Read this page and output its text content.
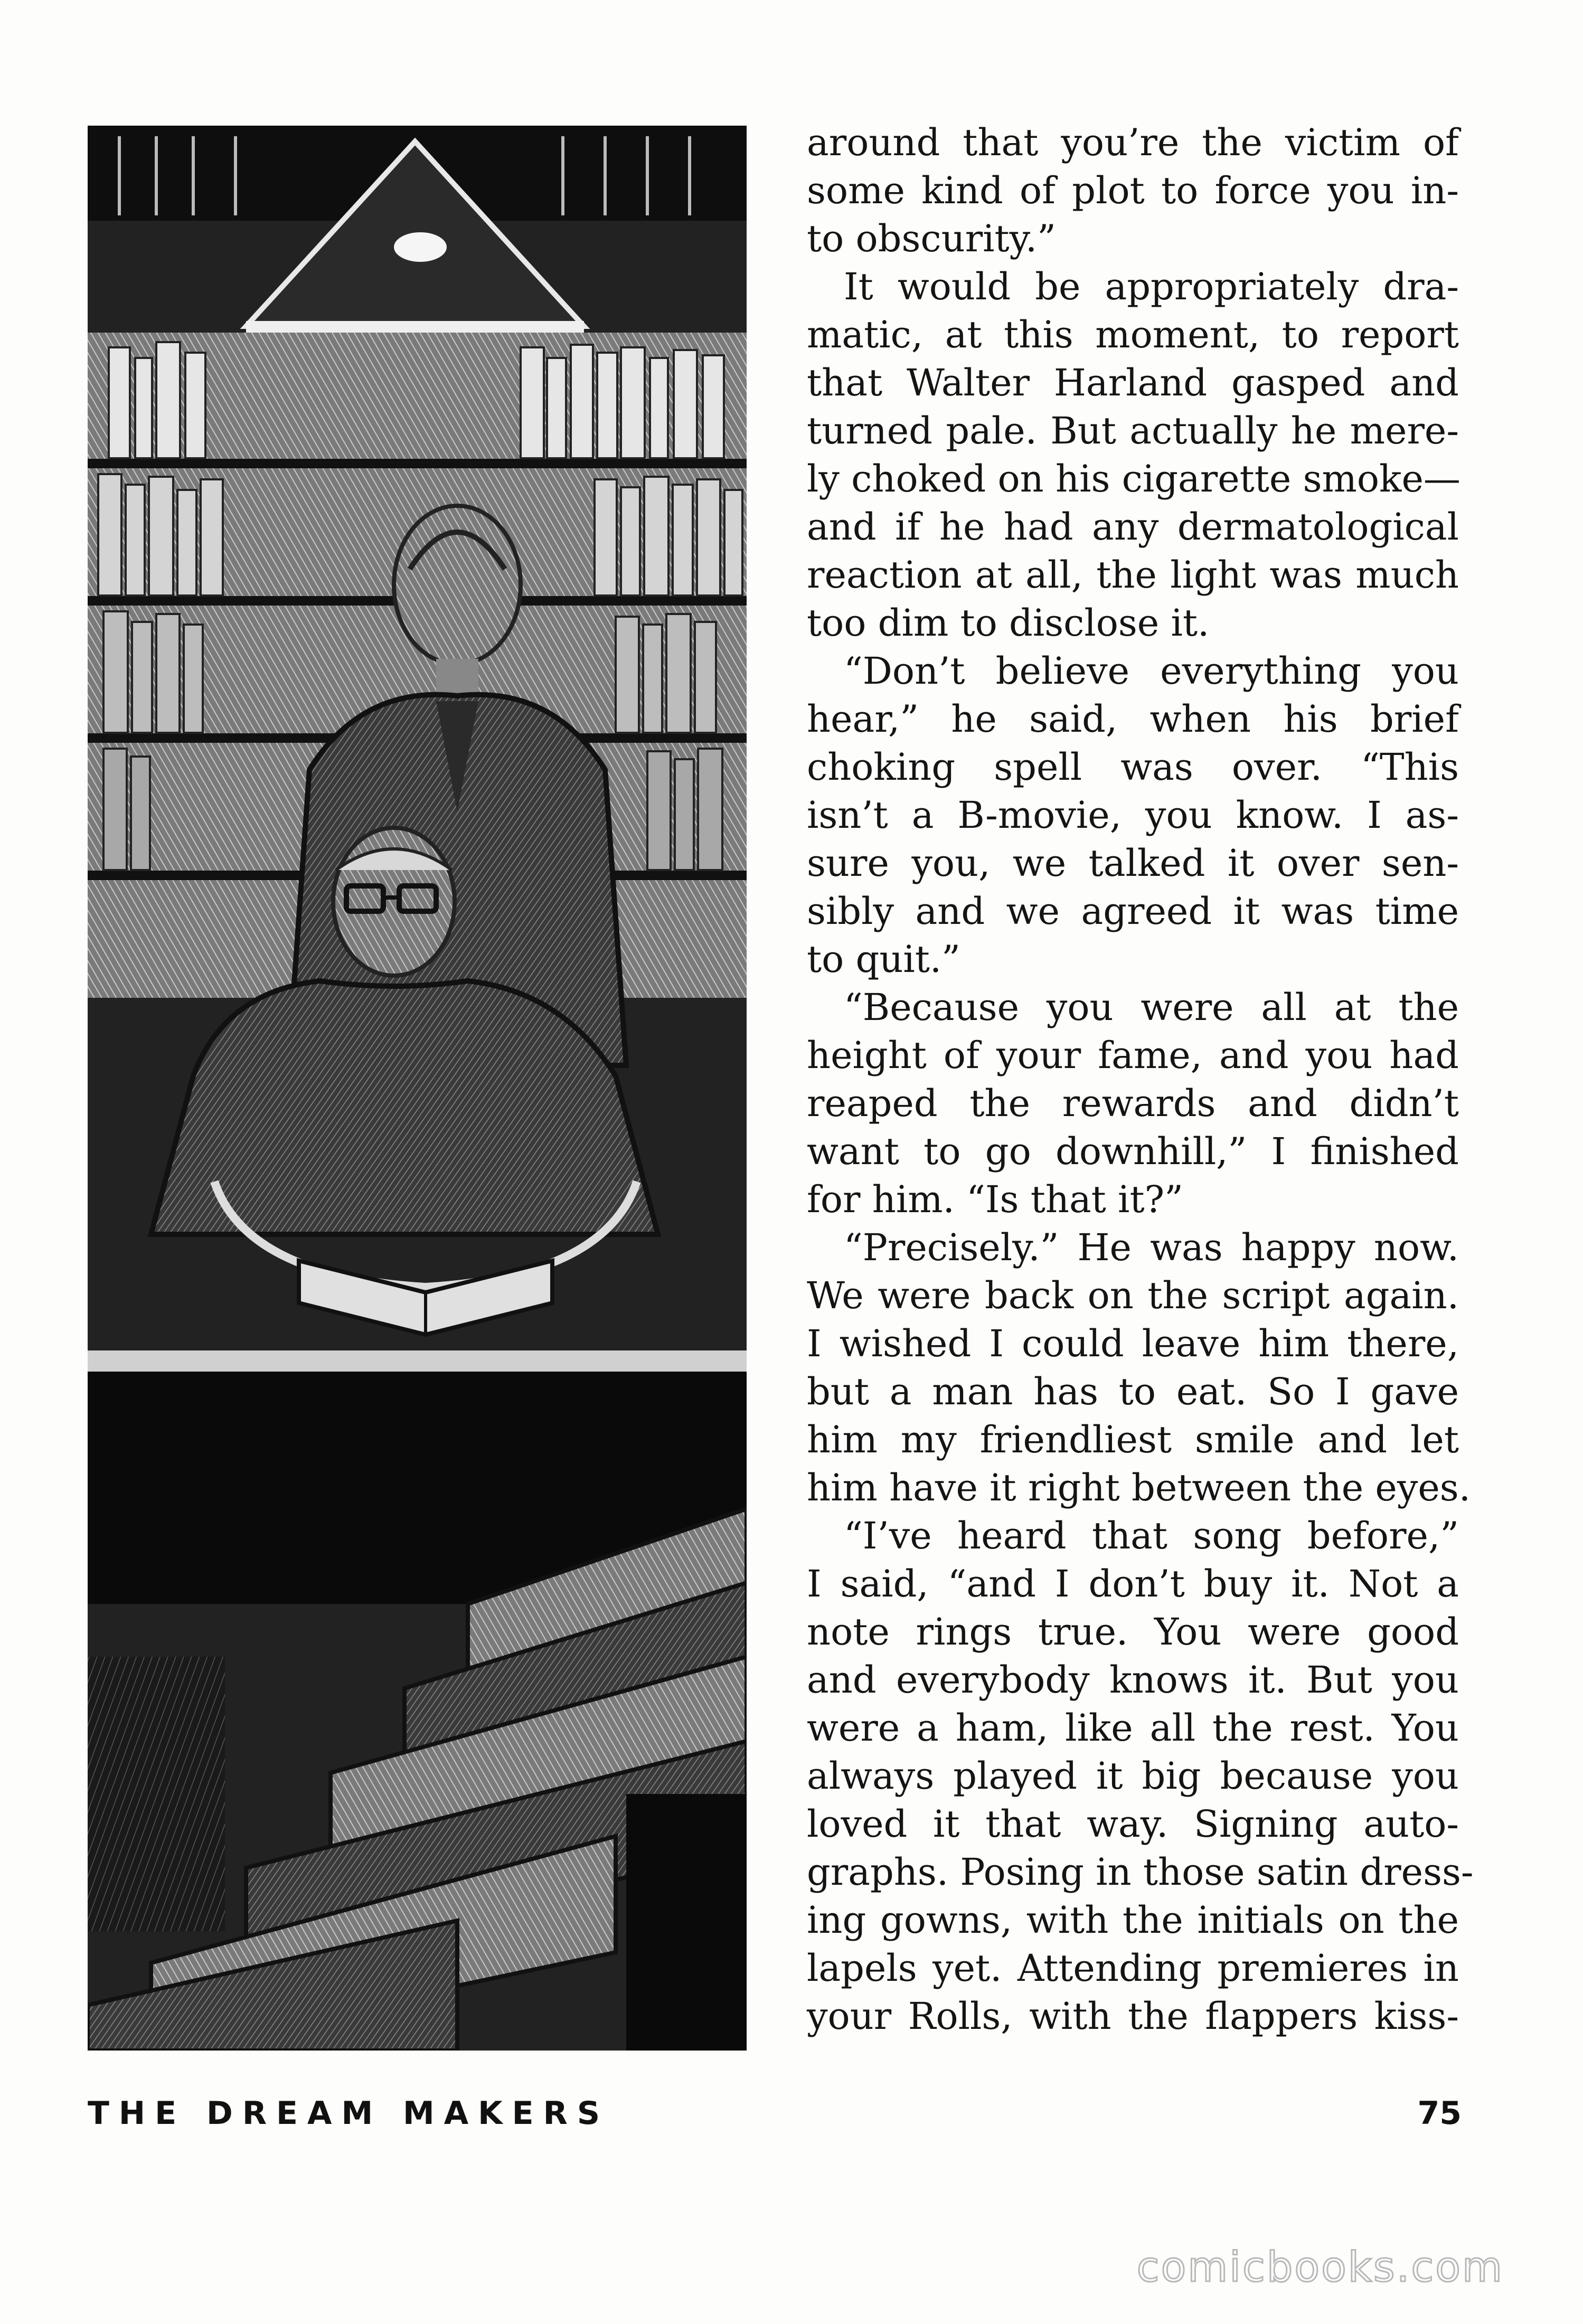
around that you’re the victim of
some kind of plot to force you in-
to obscurity.”

It would be appropriately dra-
matic, at this moment, to report
that Walter Harland gasped and
turned pale. But actually he mere-
ly choked on his cigarette smoke—
and if he had any dermatological
reaction at all, the light was much
too dim to disclose it.

“Don’t believe everything you
hear,” he said, when his brief
choking spell was over. “This
isn’t a B-movie, you know. I as-
sure you, we talked it over sen-
sibly and we agreed it was time
to quit.”

“Because you were all at the
height of your fame, and you had
reaped the rewards and didn’t
want to go downhill,” I finished
for him. “Is that it?”

“Precisely.” He was happy now.
We were back on the script again.
I wished I could leave him there,
but a man has to eat. So I gave
him my friendliest smile and let
him have it right between the eyes.

“I’ve heard that song before,”
I said, “and I don’t buy it. Not a
note rings true. You were good
and everybody knows it. But you
were a ham, like all the rest. You
always played it big because you
loved it that way. Signing auto-
graphs. Posing in those satin dress-
ing gowns, with the initials on the
lapels yet. Attending premieres in
your Rolls, with the flappers kiss-

THE DREAM MAKERS	75
comicbooks.com
